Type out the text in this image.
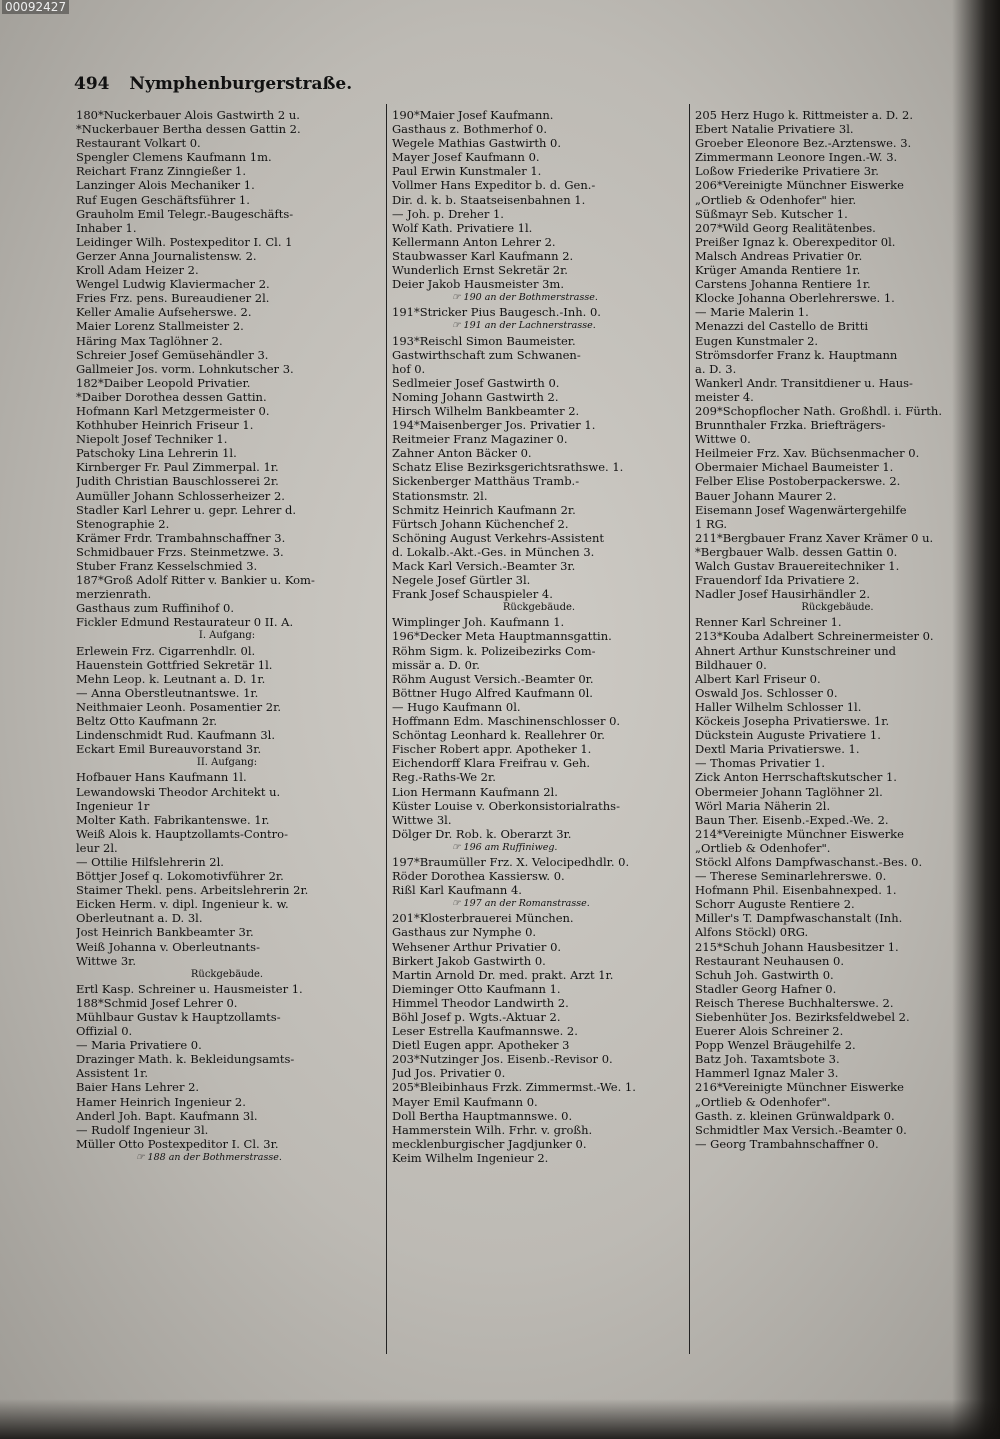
00092427
494 Nymphenburgerstraße.
180*Nuckerbauer Alois Gastwirth 2 u.
*Nuckerbauer Bertha dessen Gattin 2.
Restaurant Volkart 0.
Spengler Clemens Kaufmann 1m.
Reichart Franz Zinngießer 1.
Lanzinger Alois Mechaniker 1.
Ruf Eugen Geschäftsführer 1.
Grauholm Emil Telegr.-Baugeschäfts-
Inhaber 1.
Leidinger Wilh. Postexpeditor I. Cl. 1
Gerzer Anna Journalistensw. 2.
Kroll Adam Heizer 2.
Wengel Ludwig Klaviermacher 2.
Fries Frz. pens. Bureaudiener 2l.
Keller Amalie Aufseherswe. 2.
Maier Lorenz Stallmeister 2.
Häring Max Taglöhner 2.
Schreier Josef Gemüsehändler 3.
Gallmeier Jos. vorm. Lohnkutscher 3.
182*Daiber Leopold Privatier.
*Daiber Dorothea dessen Gattin.
Hofmann Karl Metzgermeister 0.
Kothhuber Heinrich Friseur 1.
Niepolt Josef Techniker 1.
Patschoky Lina Lehrerin 1l.
Kirnberger Fr. Paul Zimmerpal. 1r.
Judith Christian Bauschlosserei 2r.
Aumüller Johann Schlosserheizer 2.
Stadler Karl Lehrer u. gepr. Lehrer d.
Stenographie 2.
Krämer Frdr. Trambahnschaffner 3.
Schmidbauer Frzs. Steinmetzwe. 3.
Stuber Franz Kesselschmied 3.
187*Groß Adolf Ritter v. Bankier u. Kom-
merzienrath.
Gasthaus zum Ruffinihof 0.
Fickler Edmund Restaurateur 0 II. A.
I. Aufgang:
Erlewein Frz. Cigarrenhdlr. 0l.
Hauenstein Gottfried Sekretär 1l.
Mehn Leop. k. Leutnant a. D. 1r.
— Anna Oberstleutnantswe. 1r.
Neithmaier Leonh. Posamentier 2r.
Beltz Otto Kaufmann 2r.
Lindenschmidt Rud. Kaufmann 3l.
Eckart Emil Bureauvorstand 3r.
II. Aufgang:
Hofbauer Hans Kaufmann 1l.
Lewandowski Theodor Architekt u.
Ingenieur 1r
Molter Kath. Fabrikantenswe. 1r.
Weiß Alois k. Hauptzollamts-Contro-
leur 2l.
— Ottilie Hilfslehrerin 2l.
Böttjer Josef q. Lokomotivführer 2r.
Staimer Thekl. pens. Arbeitslehrerin 2r.
Eicken Herm. v. dipl. Ingenieur k. w.
Oberleutnant a. D. 3l.
Jost Heinrich Bankbeamter 3r.
Weiß Johanna v. Oberleutnants-
Wittwe 3r.
Rückgebäude.
Ertl Kasp. Schreiner u. Hausmeister 1.
188*Schmid Josef Lehrer 0.
Mühlbaur Gustav k Hauptzollamts-
Offizial 0.
— Maria Privatiere 0.
Drazinger Math. k. Bekleidungsamts-
Assistent 1r.
Baier Hans Lehrer 2.
Hamer Heinrich Ingenieur 2.
Anderl Joh. Bapt. Kaufmann 3l.
— Rudolf Ingenieur 3l.
Müller Otto Postexpeditor I. Cl. 3r.
☞ 188 an der Bothmerstrasse.
190*Maier Josef Kaufmann.
Gasthaus z. Bothmerhof 0.
Wegele Mathias Gastwirth 0.
Mayer Josef Kaufmann 0.
Paul Erwin Kunstmaler 1.
Vollmer Hans Expeditor b. d. Gen.-
Dir. d. k. b. Staatseisenbahnen 1.
— Joh. p. Dreher 1.
Wolf Kath. Privatiere 1l.
Kellermann Anton Lehrer 2.
Staubwasser Karl Kaufmann 2.
Wunderlich Ernst Sekretär 2r.
Deier Jakob Hausmeister 3m.
☞ 190 an der Bothmerstrasse.
191*Stricker Pius Baugesch.-Inh. 0.
☞ 191 an der Lachnerstrasse.
193*Reischl Simon Baumeister.
Gastwirthschaft zum Schwanen-
hof 0.
Sedlmeier Josef Gastwirth 0.
Noming Johann Gastwirth 2.
Hirsch Wilhelm Bankbeamter 2.
194*Maisenberger Jos. Privatier 1.
Reitmeier Franz Magaziner 0.
Zahner Anton Bäcker 0.
Schatz Elise Bezirksgerichtsrathswe. 1.
Sickenberger Matthäus Tramb.-
Stationsmstr. 2l.
Schmitz Heinrich Kaufmann 2r.
Fürtsch Johann Küchenchef 2.
Schöning August Verkehrs-Assistent
d. Lokalb.-Akt.-Ges. in München 3.
Mack Karl Versich.-Beamter 3r.
Negele Josef Gürtler 3l.
Frank Josef Schauspieler 4.
Rückgebäude.
Wimplinger Joh. Kaufmann 1.
196*Decker Meta Hauptmannsgattin.
Röhm Sigm. k. Polizeibezirks Com-
missär a. D. 0r.
Röhm August Versich.-Beamter 0r.
Böttner Hugo Alfred Kaufmann 0l.
— Hugo Kaufmann 0l.
Hoffmann Edm. Maschinenschlosser 0.
Schöntag Leonhard k. Reallehrer 0r.
Fischer Robert appr. Apotheker 1.
Eichendorff Klara Freifrau v. Geh.
Reg.-Raths-We 2r.
Lion Hermann Kaufmann 2l.
Küster Louise v. Oberkonsistorialraths-
Wittwe 3l.
Dölger Dr. Rob. k. Oberarzt 3r.
☞ 196 am Ruffiniweg.
197*Braumüller Frz. X. Velocipedhdlr. 0.
Röder Dorothea Kassiersw. 0.
Rißl Karl Kaufmann 4.
☞ 197 an der Romanstrasse.
201*Klosterbrauerei München.
Gasthaus zur Nymphe 0.
Wehsener Arthur Privatier 0.
Birkert Jakob Gastwirth 0.
Martin Arnold Dr. med. prakt. Arzt 1r.
Dieminger Otto Kaufmann 1.
Himmel Theodor Landwirth 2.
Böhl Josef p. Wgts.-Aktuar 2.
Leser Estrella Kaufmannswe. 2.
Dietl Eugen appr. Apotheker 3
203*Nutzinger Jos. Eisenb.-Revisor 0.
Jud Jos. Privatier 0.
205*Bleibinhaus Frzk. Zimmermst.-We. 1.
Mayer Emil Kaufmann 0.
Doll Bertha Hauptmannswe. 0.
Hammerstein Wilh. Frhr. v. großh.
mecklenburgischer Jagdjunker 0.
Keim Wilhelm Ingenieur 2.
205 Herz Hugo k. Rittmeister a. D. 2.
Ebert Natalie Privatiere 3l.
Groeber Eleonore Bez.-Arztenswe. 3.
Zimmermann Leonore Ingen.-W. 3.
Loßow Friederike Privatiere 3r.
206*Vereinigte Münchner Eiswerke
„Ortlieb & Odenhofer" hier.
Süßmayr Seb. Kutscher 1.
207*Wild Georg Realitätenbes.
Preißer Ignaz k. Oberexpeditor 0l.
Malsch Andreas Privatier 0r.
Krüger Amanda Rentiere 1r.
Carstens Johanna Rentiere 1r.
Klocke Johanna Oberlehrerswe. 1.
— Marie Malerin 1.
Menazzi del Castello de Britti
Eugen Kunstmaler 2.
Strömsdorfer Franz k. Hauptmann
a. D. 3.
Wankerl Andr. Transitdiener u. Haus-
meister 4.
209*Schopflocher Nath. Großhdl. i. Fürth.
Brunnthaler Frzka. Briefträgers-
Wittwe 0.
Heilmeier Frz. Xav. Büchsenmacher 0.
Obermaier Michael Baumeister 1.
Felber Elise Postoberpackerswe. 2.
Bauer Johann Maurer 2.
Eisemann Josef Wagenwärtergehilfe
1 RG.
211*Bergbauer Franz Xaver Krämer 0 u.
*Bergbauer Walb. dessen Gattin 0.
Walch Gustav Brauereitechniker 1.
Frauendorf Ida Privatiere 2.
Nadler Josef Hausirhändler 2.
Rückgebäude.
Renner Karl Schreiner 1.
213*Kouba Adalbert Schreinermeister 0.
Ahnert Arthur Kunstschreiner und
Bildhauer 0.
Albert Karl Friseur 0.
Oswald Jos. Schlosser 0.
Haller Wilhelm Schlosser 1l.
Köckeis Josepha Privatierswe. 1r.
Dückstein Auguste Privatiere 1.
Dextl Maria Privatierswe. 1.
— Thomas Privatier 1.
Zick Anton Herrschaftskutscher 1.
Obermeier Johann Taglöhner 2l.
Wörl Maria Näherin 2l.
Baun Ther. Eisenb.-Exped.-We. 2.
214*Vereinigte Münchner Eiswerke
„Ortlieb & Odenhofer".
Stöckl Alfons Dampfwaschanst.-Bes. 0.
— Therese Seminarlehrerswe. 0.
Hofmann Phil. Eisenbahnexped. 1.
Schorr Auguste Rentiere 2.
Miller's T. Dampfwaschanstalt (Inh.
Alfons Stöckl) 0RG.
215*Schuh Johann Hausbesitzer 1.
Restaurant Neuhausen 0.
Schuh Joh. Gastwirth 0.
Stadler Georg Hafner 0.
Reisch Therese Buchhalterswe. 2.
Siebenhüter Jos. Bezirksfeldwebel 2.
Euerer Alois Schreiner 2.
Popp Wenzel Bräugehilfe 2.
Batz Joh. Taxamtsbote 3.
Hammerl Ignaz Maler 3.
216*Vereinigte Münchner Eiswerke
„Ortlieb & Odenhofer".
Gasth. z. kleinen Grünwaldpark 0.
Schmidtler Max Versich.-Beamter 0.
— Georg Trambahnschaffner 0.
